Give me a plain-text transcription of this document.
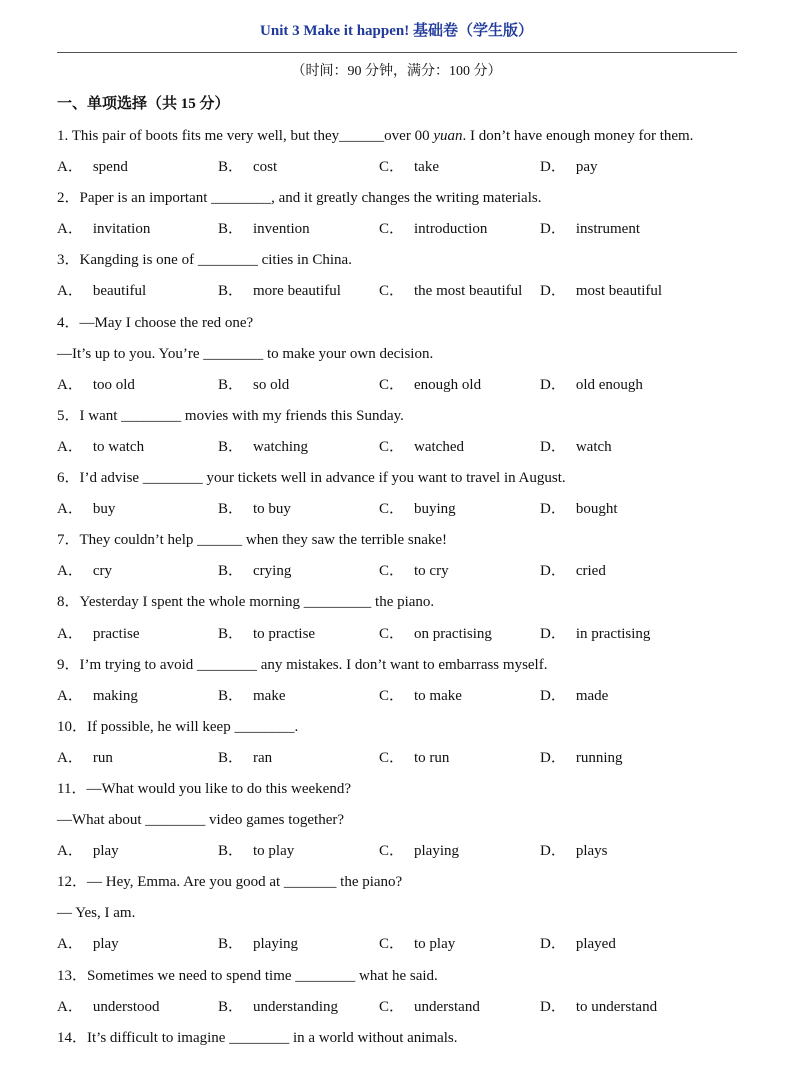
Unit 3 Make it happen! 基础卷（学生版）
（时间：90 分钟，满分：100 分）
一、单项选择（共 15 分）
1. This pair of boots fits me very well, but they______over 00 yuan. I don’t have enough money for them.
A． spend	B． cost	C． take	D． pay
2．Paper is an important ________, and it greatly changes the writing materials.
A． invitation	B． invention	C． introduction	D． instrument
3．Kangding is one of ________ cities in China.
A． beautiful	B． more beautiful	C． the most beautiful	D． most beautiful
4．—May I choose the red one?
—It’s up to you. You’re ________ to make your own decision.
A． too old	B． so old	C． enough old	D． old enough
5．I want ________ movies with my friends this Sunday.
A． to watch	B． watching	C． watched	D． watch
6．I’d advise ________ your tickets well in advance if you want to travel in August.
A． buy	B． to buy	C． buying	D． bought
7．They couldn’t help ______ when they saw the terrible snake!
A． cry	B． crying	C． to cry	D． cried
8．Yesterday I spent the whole morning _________ the piano.
A． practise	B． to practise	C． on practising	D． in practising
9．I’m trying to avoid ________ any mistakes. I don’t want to embarrass myself.
A． making	B． make	C． to make	D． made
10．If possible, he will keep ________.
A． run	B． ran	C． to run	D． running
11．—What would you like to do this weekend?
—What about ________ video games together?
A． play	B． to play	C． playing	D． plays
12．— Hey, Emma. Are you good at _______ the piano?
— Yes, I am.
A． play	B． playing	C． to play	D． played
13．Sometimes we need to spend time ________ what he said.
A． understood	B． understanding	C． understand	D． to understand
14．It’s difficult to imagine ________ in a world without animals.
